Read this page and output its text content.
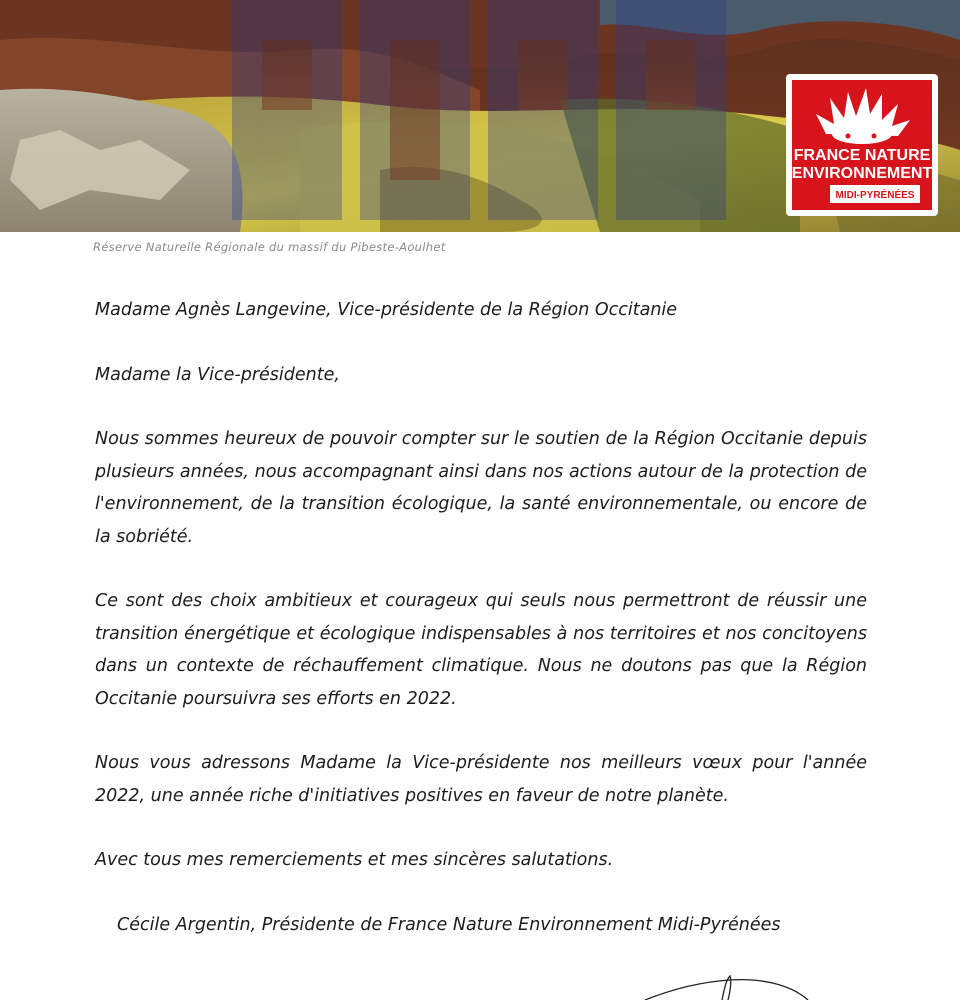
FRANCE NATURE
ENVIRONNEMENT
MIDI-PYRÉNÉES
Réserve Naturelle Régionale du massif du Pibeste-Aoulhet

Madame Agnès Langevine, Vice-présidente de la Région Occitanie

Madame la Vice-présidente,

Nous sommes heureux de pouvoir compter sur le soutien de la Région Occitanie depuis plusieurs années, nous accompagnant ainsi dans nos actions autour de la protection de l'environnement, de la transition écologique, la santé environnementale, ou encore de la sobriété.

Ce sont des choix ambitieux et courageux qui seuls nous permettront de réussir une transition énergétique et écologique indispensables à nos territoires et nos concitoyens dans un contexte de réchauffement climatique. Nous ne doutons pas que la Région Occitanie poursuivra ses efforts en 2022.

Nous vous adressons Madame la Vice-présidente nos meilleurs vœux pour l'année 2022, une année riche d'initiatives positives en faveur de notre planète.

Avec tous mes remerciements et mes sincères salutations.

Cécile Argentin, Présidente de France Nature Environnement Midi-Pyrénées
